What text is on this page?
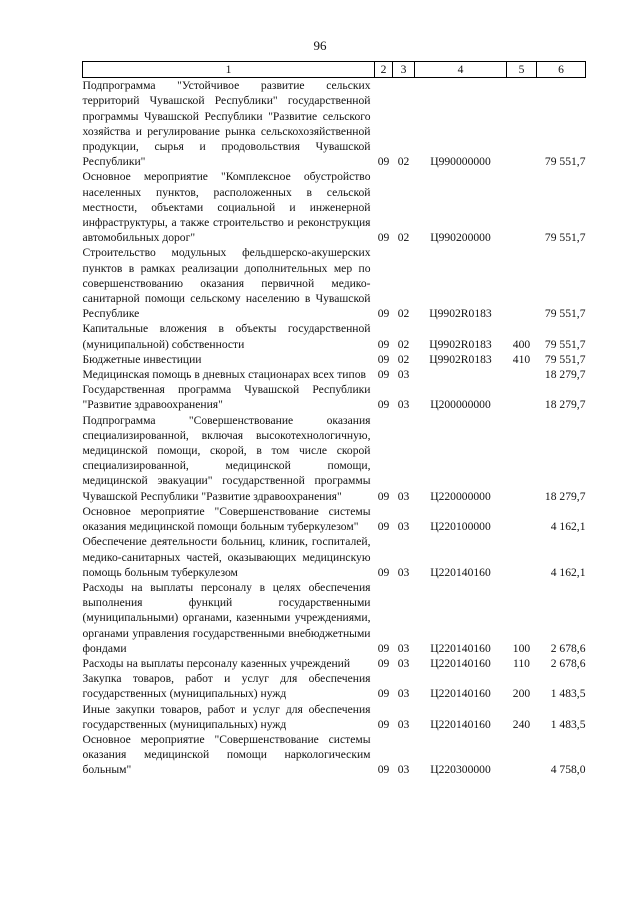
96
1	2	3	4	5	6
Подпрограмма "Устойчивое развитие сельских территорий Чувашской Республики" государственной программы Чувашской Республики "Развитие сельского хозяйства и регулирование рынка сельскохозяйственной продукции, сырья и продовольствия Чувашской Республики"	09	02	Ц990000000		79 551,7
Основное мероприятие "Комплексное обустройство населенных пунктов, расположенных в сельской местности, объектами социальной и инженерной инфраструктуры, а также строительство и реконструкция автомобильных дорог"	09	02	Ц990200000		79 551,7
Строительство модульных фельдшерско-акушерских пунктов в рамках реализации дополнительных мер по совершенствованию оказания первичной медико-санитарной помощи сельскому населению в Чувашской Республике	09	02	Ц9902R0183		79 551,7
Капитальные вложения в объекты государственной (муниципальной) собственности	09	02	Ц9902R0183	400	79 551,7
Бюджетные инвестиции	09	02	Ц9902R0183	410	79 551,7
Медицинская помощь в дневных стационарах всех типов	09	03			18 279,7
Государственная программа Чувашской Республики "Развитие здравоохранения"	09	03	Ц200000000		18 279,7
Подпрограмма "Совершенствование оказания специализированной, включая высокотехнологичную, медицинской помощи, скорой, в том числе скорой специализированной, медицинской помощи, медицинской эвакуации" государственной программы Чувашской Республики "Развитие здравоохранения"	09	03	Ц220000000		18 279,7
Основное мероприятие "Совершенствование системы оказания медицинской помощи больным туберкулезом"	09	03	Ц220100000		4 162,1
Обеспечение деятельности больниц, клиник, госпиталей, медико-санитарных частей, оказывающих медицинскую помощь больным туберкулезом	09	03	Ц220140160		4 162,1
Расходы на выплаты персоналу в целях обеспечения выполнения функций государственными (муниципальными) органами, казенными учреждениями, органами управления государственными внебюджетными фондами	09	03	Ц220140160	100	2 678,6
Расходы на выплаты персоналу казенных учреждений	09	03	Ц220140160	110	2 678,6
Закупка товаров, работ и услуг для обеспечения государственных (муниципальных) нужд	09	03	Ц220140160	200	1 483,5
Иные закупки товаров, работ и услуг для обеспечения государственных (муниципальных) нужд	09	03	Ц220140160	240	1 483,5
Основное мероприятие "Совершенствование системы оказания медицинской помощи наркологическим больным"	09	03	Ц220300000		4 758,0
